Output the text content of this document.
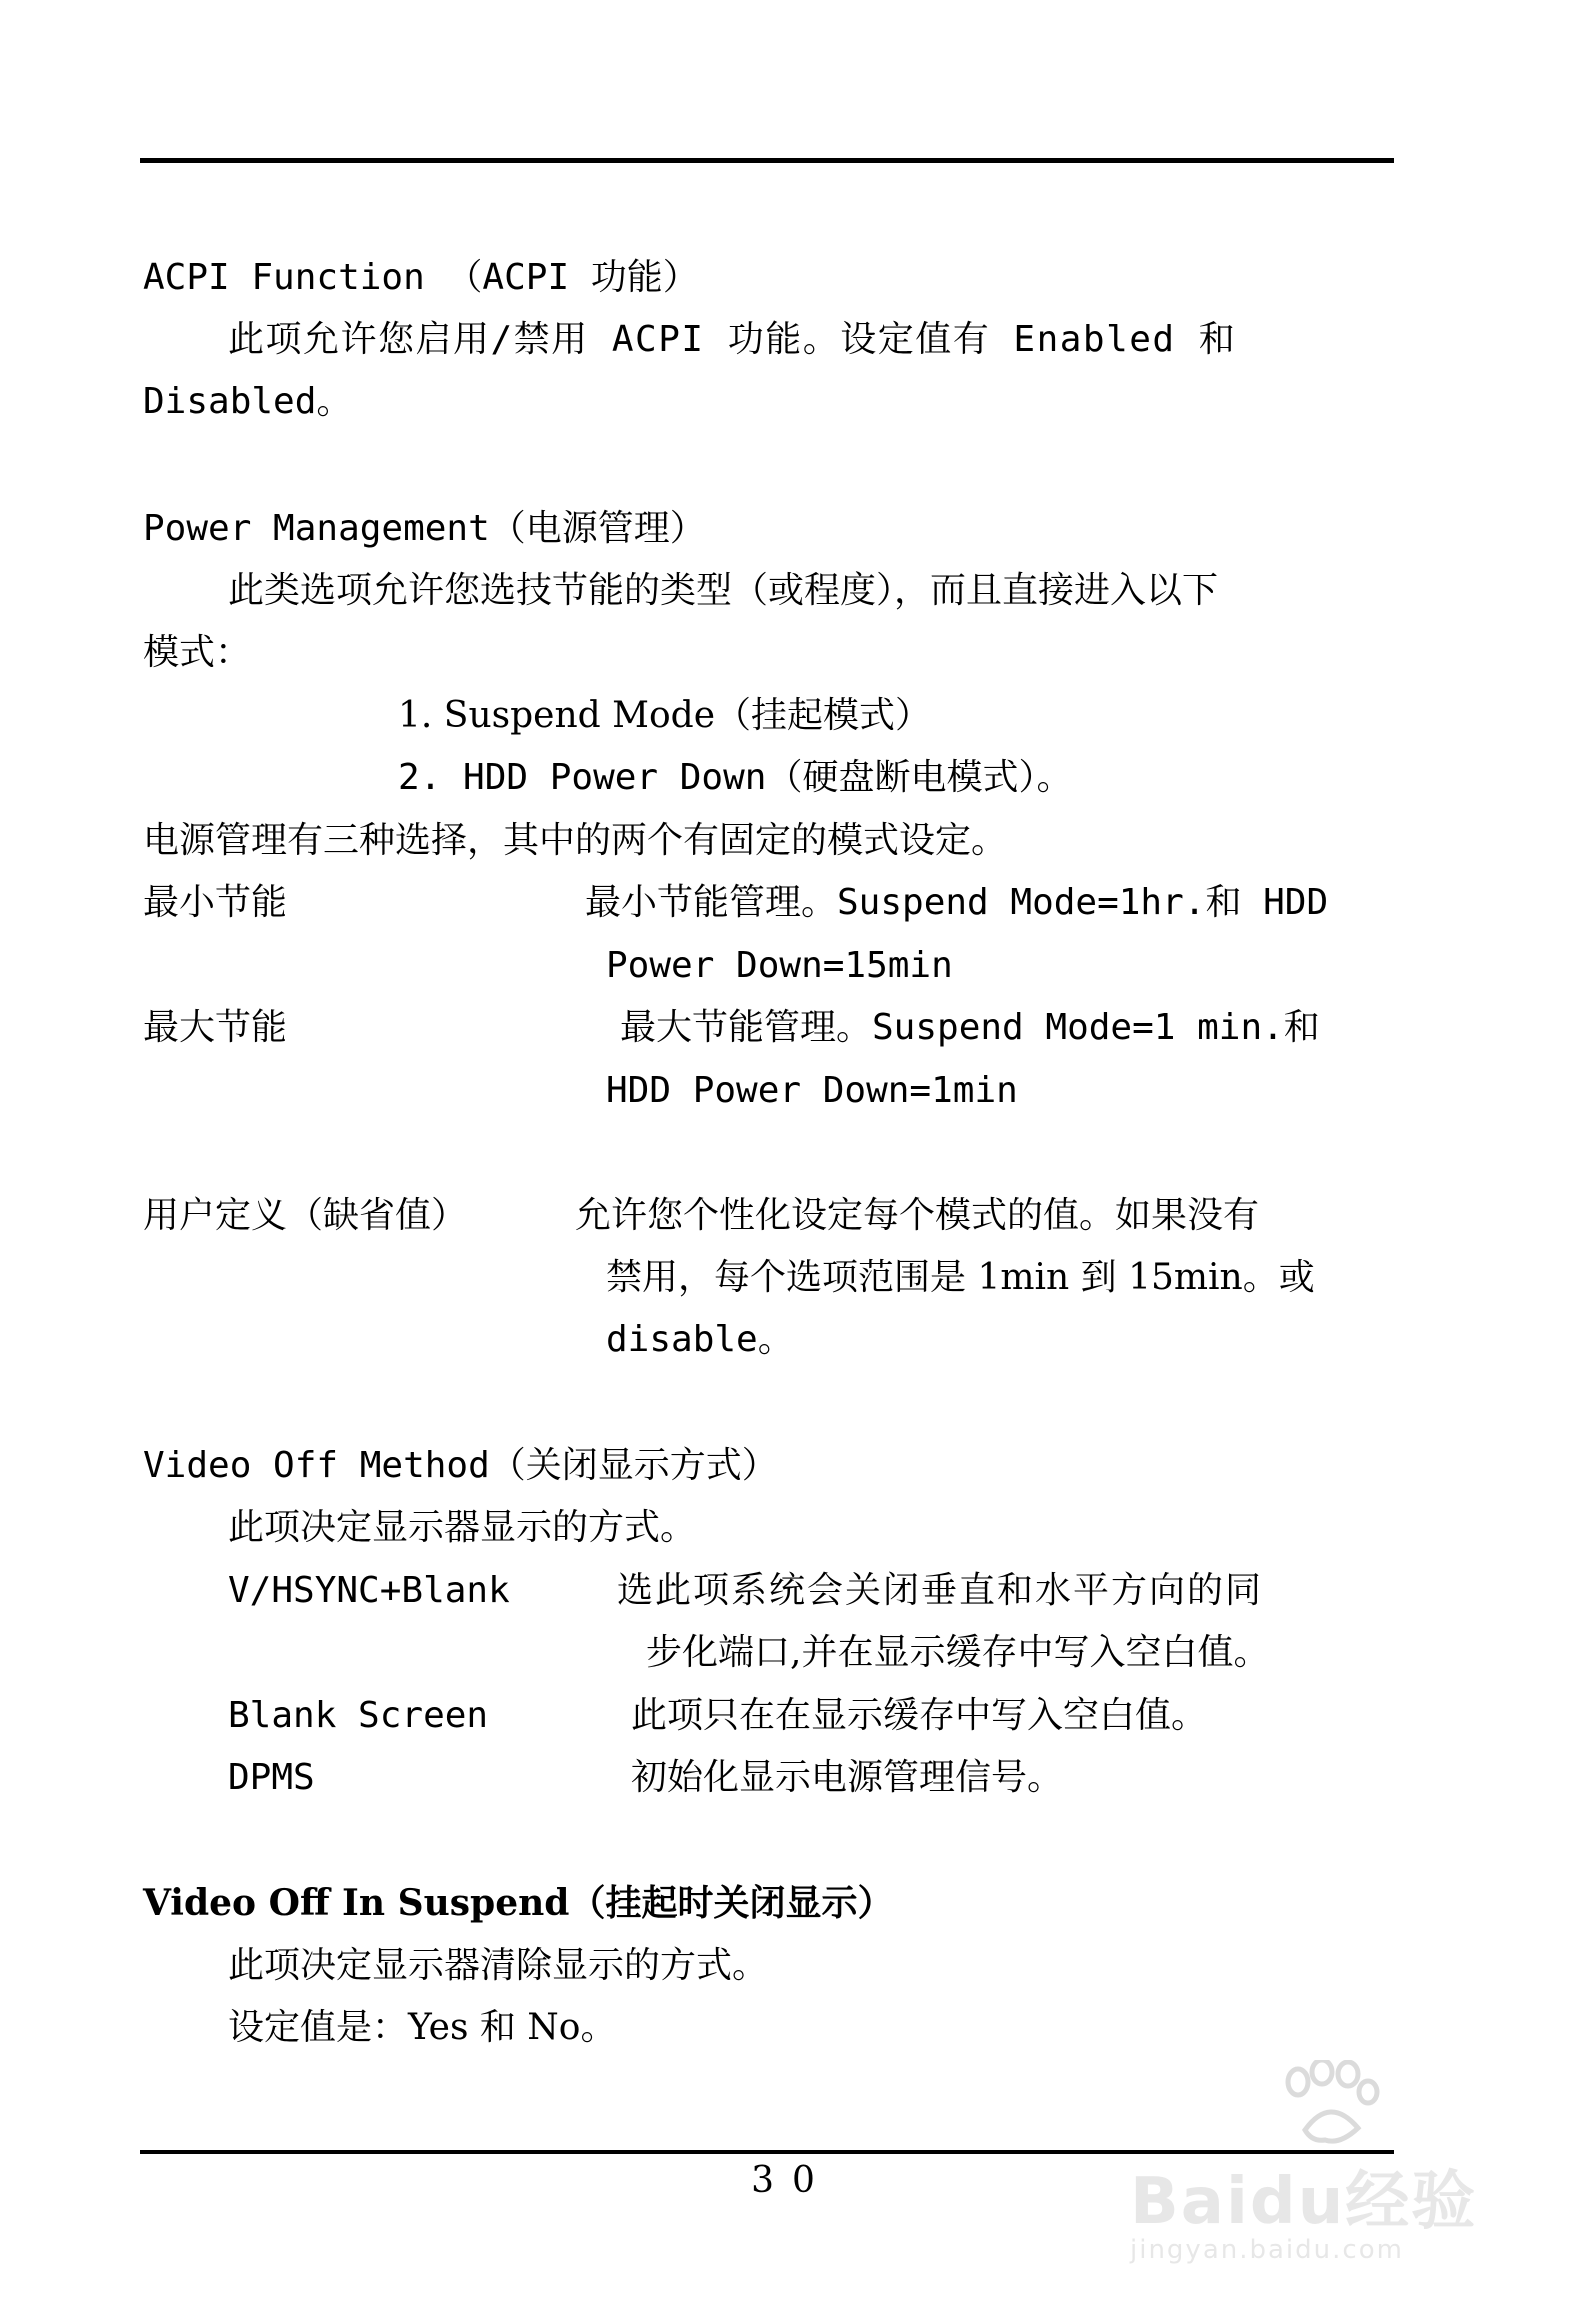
ACPI Function （ACPI 功能）
此项允许您启用/禁用 ACPI 功能。设定值有 Enabled 和
Disabled。
Power Management（电源管理）
此类选项允许您选技节能的类型（或程度），而且直接进入以下
模式：
1. Suspend Mode（挂起模式）
2. HDD Power Down（硬盘断电模式）。
电源管理有三种选择，其中的两个有固定的模式设定。
最小节能	最小节能管理。Suspend Mode=1hr.和 HDD
Power Down=15min
最大节能	最大节能管理。Suspend Mode=1 min.和
HDD Power Down=1min
用户定义（缺省值）	允许您个性化设定每个模式的值。如果没有
禁用，每个选项范围是 1min 到 15min。或
disable。
Video Off Method（关闭显示方式）
此项决定显示器显示的方式。
V/HSYNC+Blank	选此项系统会关闭垂直和水平方向的同
步化端口,并在显示缓存中写入空白值。
Blank Screen	此项只在在显示缓存中写入空白值。
DPMS	初始化显示电源管理信号。
Video Off In Suspend（挂起时关闭显示）
此项决定显示器清除显示的方式。
设定值是：Yes 和 No。
30	Baidu经验
jingyan.baidu.com
